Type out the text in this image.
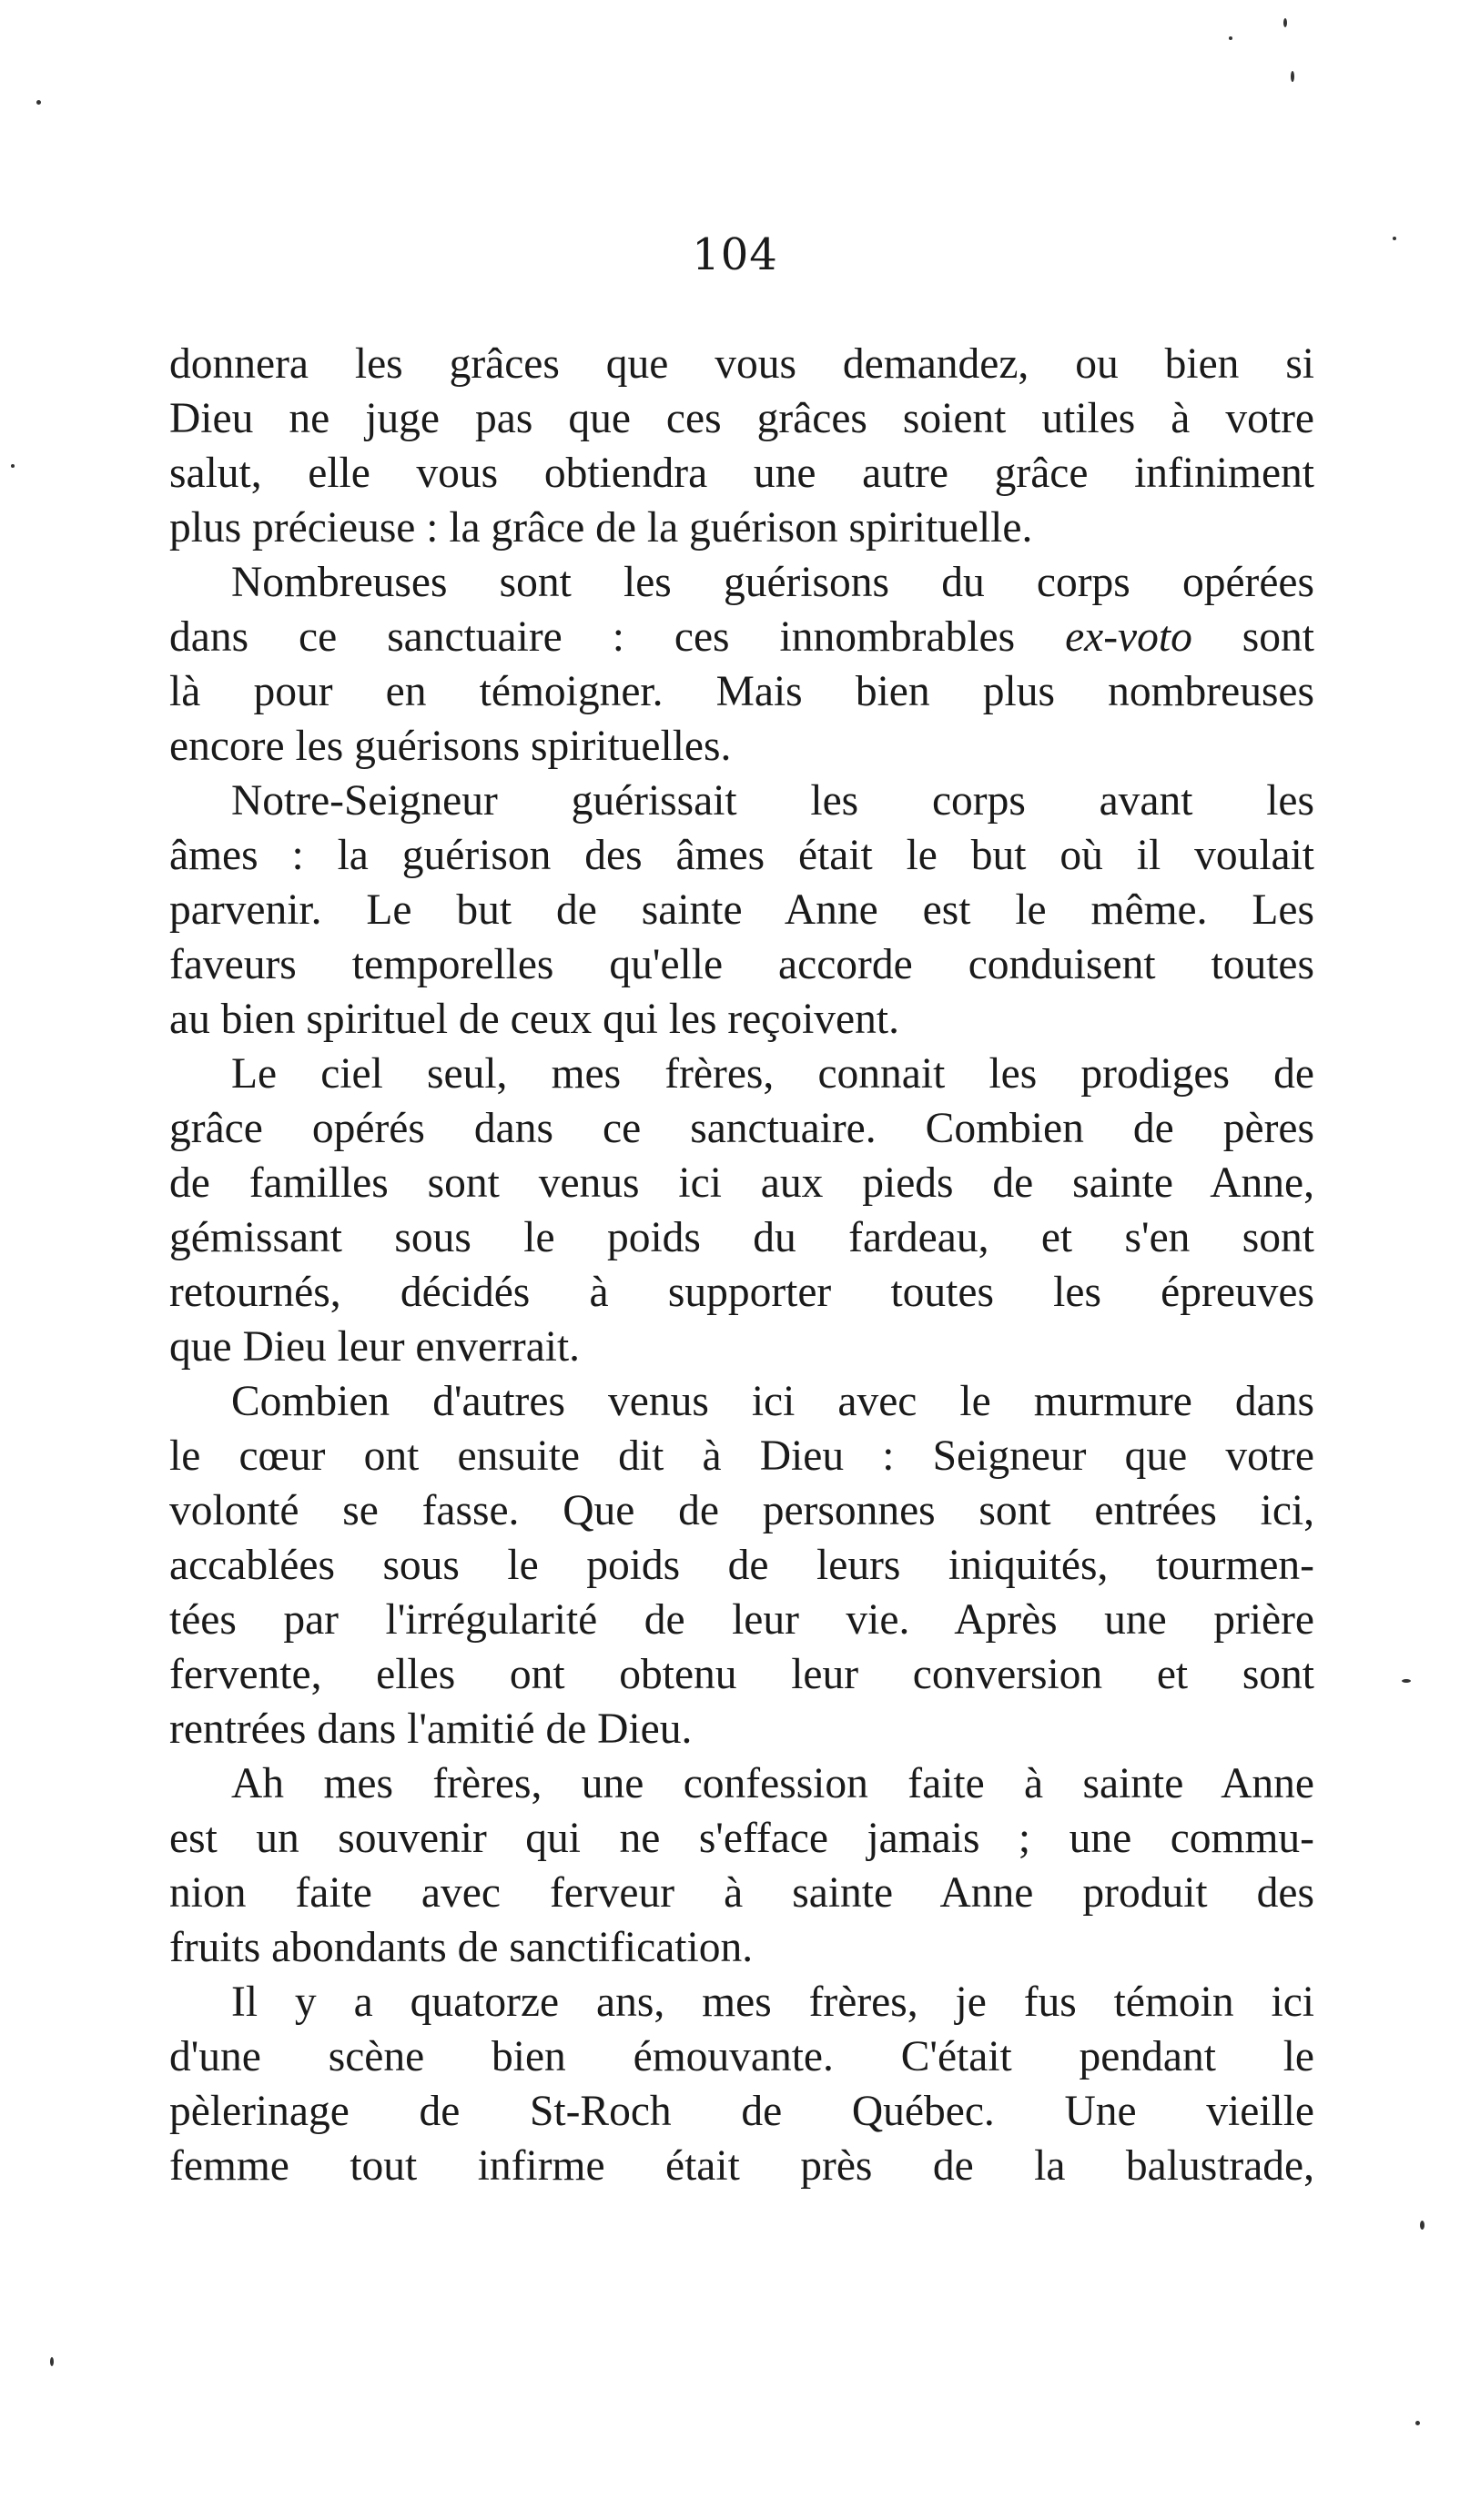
104
donnera les grâces que vous demandez, ou bien si
Dieu ne juge pas que ces grâces soient utiles à votre
salut, elle vous obtiendra une autre grâce infiniment
plus précieuse : la grâce de la guérison spirituelle.
Nombreuses sont les guérisons du corps opérées
dans ce sanctuaire : ces innombrables ex-voto sont
là pour en témoigner. Mais bien plus nombreuses
encore les guérisons spirituelles.
Notre-Seigneur guérissait les corps avant les
âmes : la guérison des âmes était le but où il voulait
parvenir. Le but de sainte Anne est le même. Les
faveurs temporelles qu'elle accorde conduisent toutes
au bien spirituel de ceux qui les reçoivent.
Le ciel seul, mes frères, connait les prodiges de
grâce opérés dans ce sanctuaire. Combien de pères
de familles sont venus ici aux pieds de sainte Anne,
gémissant sous le poids du fardeau, et s'en sont
retournés, décidés à supporter toutes les épreuves
que Dieu leur enverrait.
Combien d'autres venus ici avec le murmure dans
le cœur ont ensuite dit à Dieu : Seigneur que votre
volonté se fasse. Que de personnes sont entrées ici,
accablées sous le poids de leurs iniquités, tourmen-
tées par l'irrégularité de leur vie. Après une prière
fervente, elles ont obtenu leur conversion et sont
rentrées dans l'amitié de Dieu.
Ah mes frères, une confession faite à sainte Anne
est un souvenir qui ne s'efface jamais ; une commu-
nion faite avec ferveur à sainte Anne produit des
fruits abondants de sanctification.
Il y a quatorze ans, mes frères, je fus témoin ici
d'une scène bien émouvante. C'était pendant le
pèlerinage de St-Roch de Québec. Une vieille
femme tout infirme était près de la balustrade,
